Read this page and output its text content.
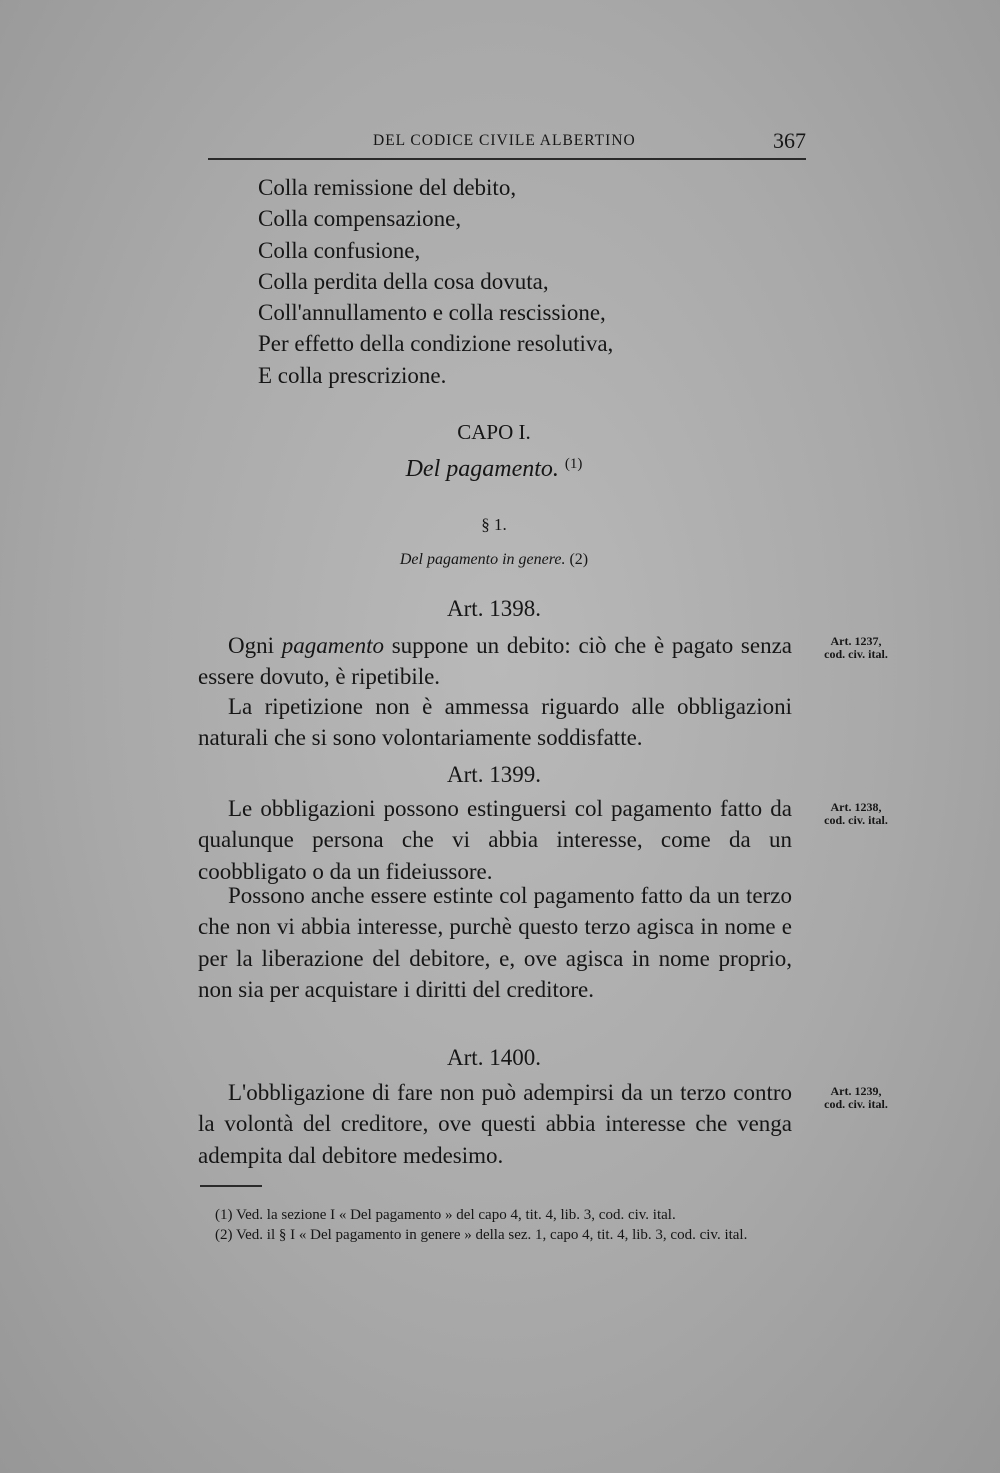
DEL CODICE CIVILE ALBERTINO	367
Colla remissione del debito,
Colla compensazione,
Colla confusione,
Colla perdita della cosa dovuta,
Coll'annullamento e colla rescissione,
Per effetto della condizione resolutiva,
E colla prescrizione.
CAPO I.
Del pagamento. $^{(1)}$
§ 1.
Del pagamento in genere. (2)
Art. 1398.

Ogni pagamento suppone un debito: ciò che è pagato senza essere dovuto, è ripetibile.

La ripetizione non è ammessa riguardo alle obbligazioni naturali che si sono volontariamente soddisfatte.

Art. 1237,
cod. civ. ital.
Art. 1399.

Le obbligazioni possono estinguersi col pagamento fatto da qualunque persona che vi abbia interesse, come da un coobbligato o da un fideiussore.

Possono anche essere estinte col pagamento fatto da un terzo che non vi abbia interesse, purchè questo terzo agisca in nome e per la liberazione del debitore, e, ove agisca in nome proprio, non sia per acquistare i diritti del creditore.

Art. 1238,
cod. civ. ital.
Art. 1400.

L'obbligazione di fare non può adempirsi da un terzo contro la volontà del creditore, ove questi abbia interesse che venga adempita dal debitore medesimo.

Art. 1239,
cod. civ. ital.

(1) Ved. la sezione I « Del pagamento » del capo 4, tit. 4, lib. 3, cod. civ. ital.

(2) Ved. il § I « Del pagamento in genere » della sez. 1, capo 4, tit. 4, lib. 3, cod. civ. ital.
